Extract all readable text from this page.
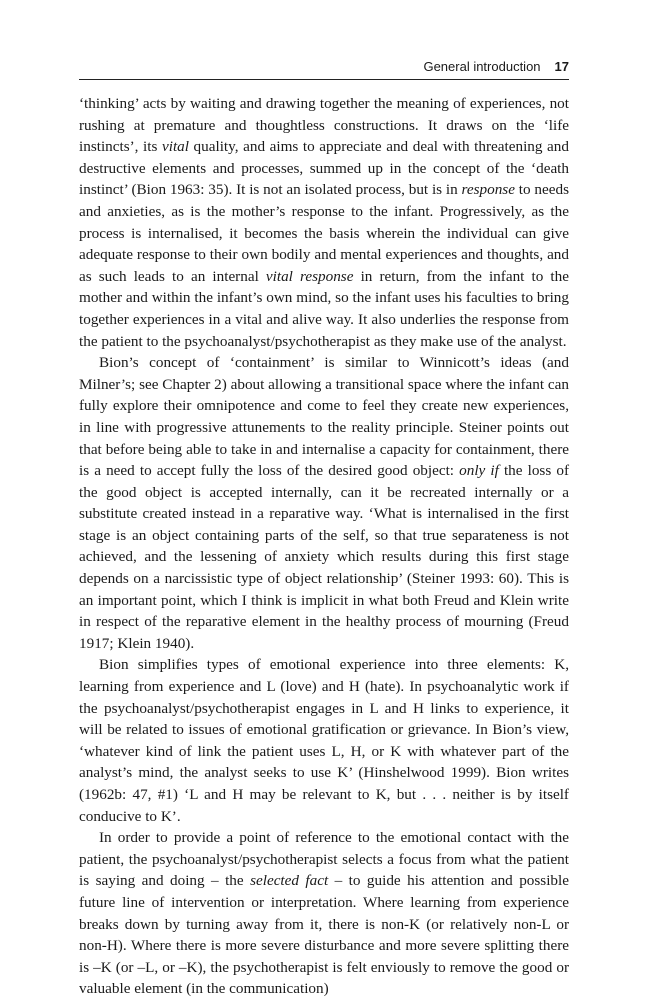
General introduction 17

‘thinking’ acts by waiting and drawing together the meaning of experiences, not rushing at premature and thoughtless constructions. It draws on the ‘life instincts’, its vital quality, and aims to appreciate and deal with threatening and destructive elements and processes, summed up in the concept of the ‘death instinct’ (Bion 1963: 35). It is not an isolated process, but is in response to needs and anxieties, as is the mother’s response to the infant. Progressively, as the process is internalised, it becomes the basis wherein the individual can give adequate response to their own bodily and mental experiences and thoughts, and as such leads to an internal vital response in return, from the infant to the mother and within the infant’s own mind, so the infant uses his faculties to bring together experiences in a vital and alive way. It also underlies the response from the patient to the psychoanalyst/psychotherapist as they make use of the analyst.

Bion’s concept of ‘containment’ is similar to Winnicott’s ideas (and Milner’s; see Chapter 2) about allowing a transitional space where the infant can fully explore their omnipotence and come to feel they create new experiences, in line with progressive attunements to the reality principle. Steiner points out that before being able to take in and internalise a capacity for containment, there is a need to accept fully the loss of the desired good object: only if the loss of the good object is accepted internally, can it be recreated internally or a substitute created instead in a reparative way. ‘What is internalised in the first stage is an object containing parts of the self, so that true separateness is not achieved, and the lessening of anxiety which results during this first stage depends on a narcissistic type of object relationship’ (Steiner 1993: 60). This is an important point, which I think is implicit in what both Freud and Klein write in respect of the reparative element in the healthy process of mourning (Freud 1917; Klein 1940).

Bion simplifies types of emotional experience into three elements: K, learning from experience and L (love) and H (hate). In psychoanalytic work if the psychoanalyst/psychotherapist engages in L and H links to experience, it will be related to issues of emotional gratification or grievance. In Bion’s view, ‘whatever kind of link the patient uses L, H, or K with whatever part of the analyst’s mind, the analyst seeks to use K’ (Hinshelwood 1999). Bion writes (1962b: 47, #1) ‘L and H may be relevant to K, but . . . neither is by itself conducive to K’.

In order to provide a point of reference to the emotional contact with the patient, the psychoanalyst/psychotherapist selects a focus from what the patient is saying and doing – the selected fact – to guide his attention and possible future line of intervention or interpretation. Where learning from experience breaks down by turning away from it, there is non-K (or relatively non-L or non-H). Where there is more severe disturbance and more severe splitting there is –K (or –L, or –K), the psychotherapist is felt enviously to remove the good or valuable element (in the communication)
